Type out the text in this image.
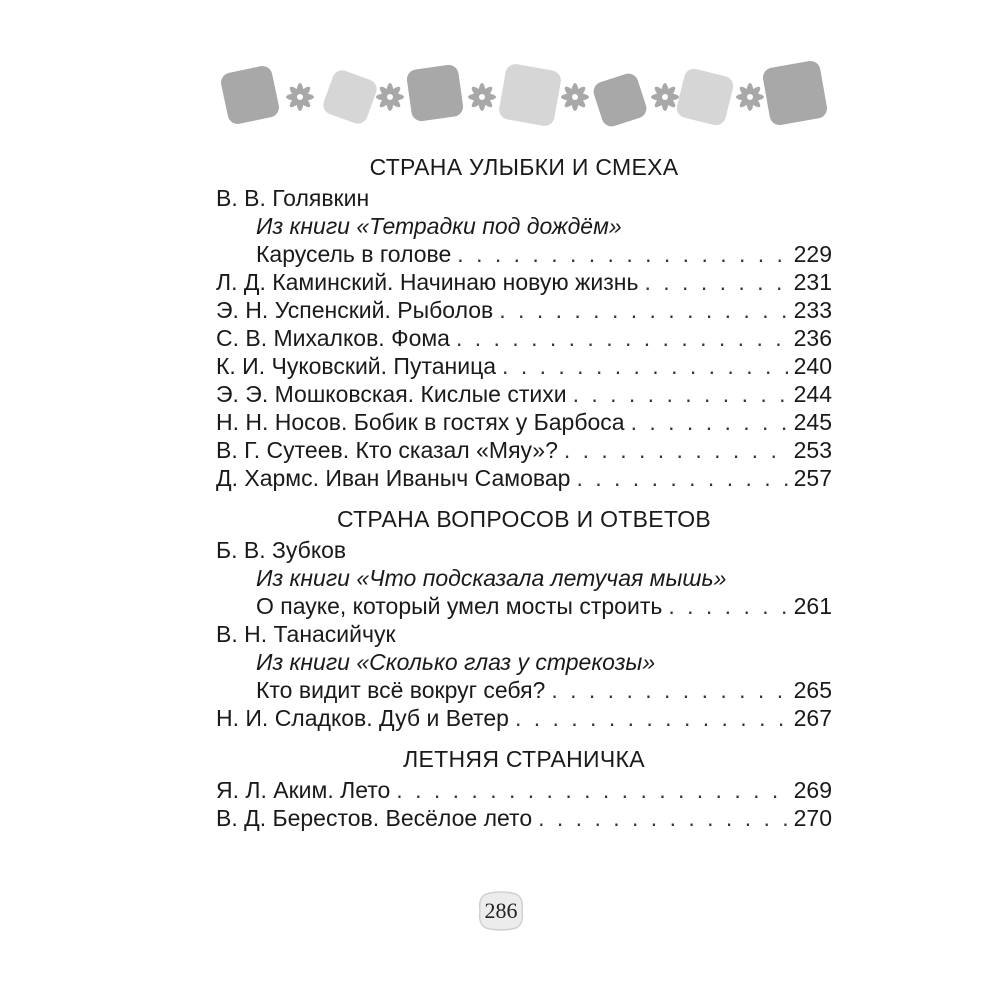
СТРАНА УЛЫБКИ И СМЕХА
В. В. Голявкин
Из книги «Тетрадки под дождём»
Карусель в голове . . .	229
Л. Д. Каминский. Начинаю новую жизнь . . .	231
Э. Н. Успенский. Рыболов . . .	233
С. В. Михалков. Фома . . .	236
К. И. Чуковский. Путаница . . .	240
Э. Э. Мошковская. Кислые стихи . . .	244
Н. Н. Носов. Бобик в гостях у Барбоса . . .	245
В. Г. Сутеев. Кто сказал «Мяу»? . . .	253
Д. Хармс. Иван Иваныч Самовар . . .	257
СТРАНА ВОПРОСОВ И ОТВЕТОВ
Б. В. Зубков
Из книги «Что подсказала летучая мышь»
О пауке, который умел мосты строить . . .	261
В. Н. Танасийчук
Из книги «Сколько глаз у стрекозы»
Кто видит всё вокруг себя? . . .	265
Н. И. Сладков. Дуб и Ветер . . .	267
ЛЕТНЯЯ СТРАНИЧКА
Я. Л. Аким. Лето . . .	269
В. Д. Берестов. Весёлое лето . . .	270
286
